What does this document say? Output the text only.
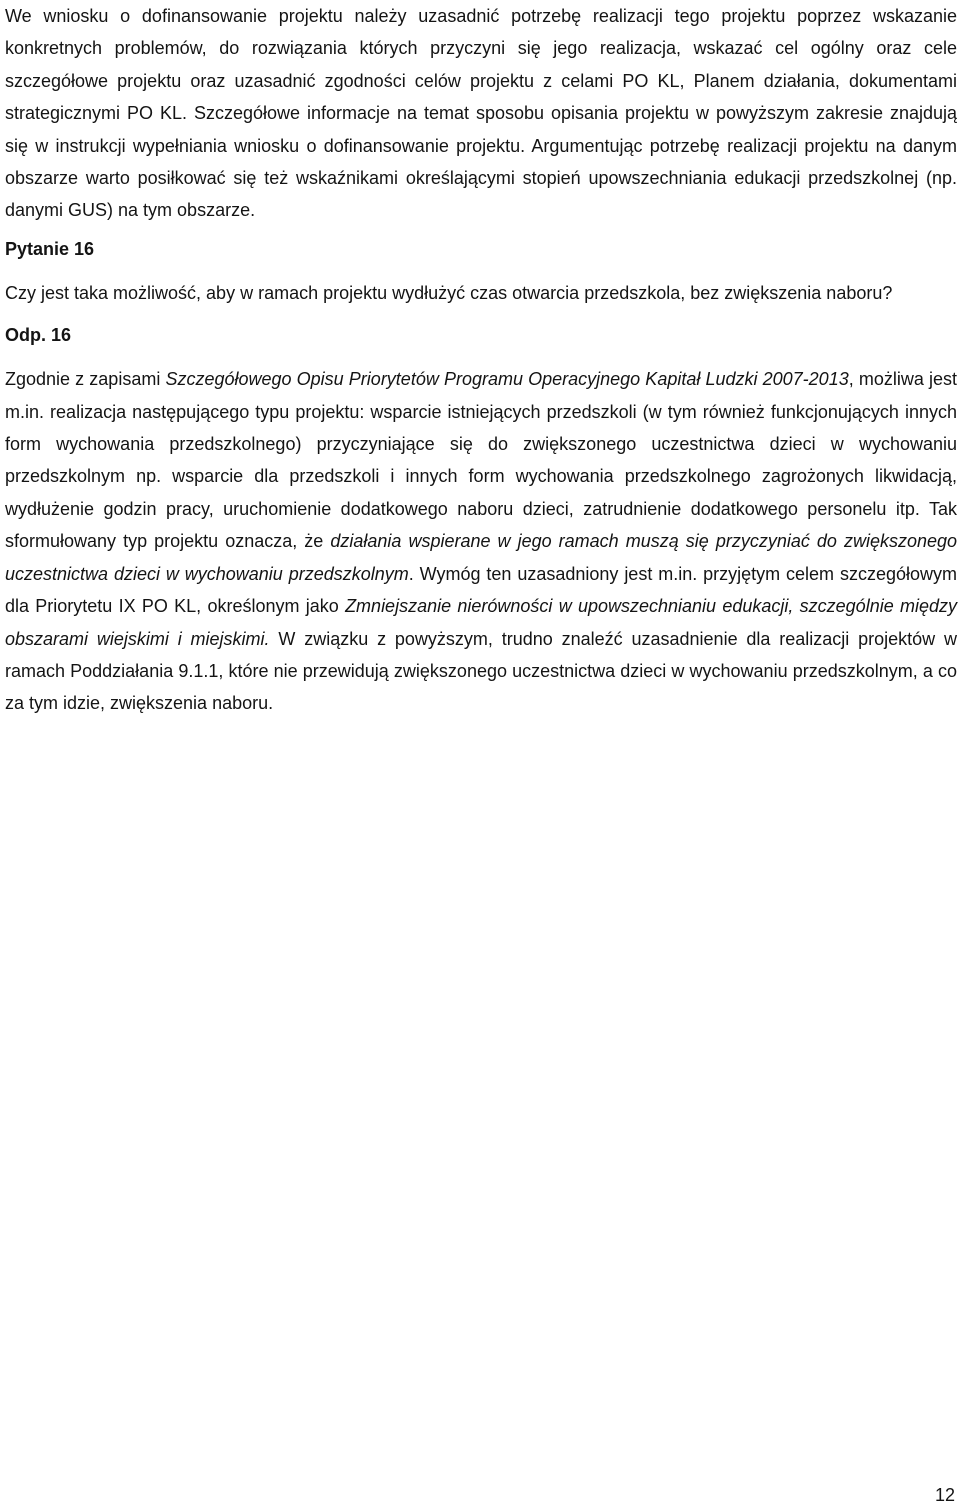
We wniosku o dofinansowanie projektu należy uzasadnić potrzebę realizacji tego projektu poprzez wskazanie konkretnych problemów, do rozwiązania których przyczyni się jego realizacja, wskazać cel ogólny oraz cele szczegółowe projektu oraz uzasadnić zgodności celów projektu z celami PO KL, Planem działania, dokumentami strategicznymi PO KL. Szczegółowe informacje na temat sposobu opisania projektu w powyższym zakresie znajdują się w instrukcji wypełniania wniosku o dofinansowanie projektu. Argumentując potrzebę realizacji projektu na danym obszarze warto posiłkować się też wskaźnikami określającymi stopień upowszechniania edukacji przedszkolnej (np. danymi GUS) na tym obszarze.

Pytanie 16

Czy jest taka możliwość, aby w ramach projektu wydłużyć czas otwarcia przedszkola, bez zwiększenia naboru?

Odp. 16

Zgodnie z zapisami Szczegółowego Opisu Priorytetów Programu Operacyjnego Kapitał Ludzki 2007-2013, możliwa jest m.in. realizacja następującego typu projektu: wsparcie istniejących przedszkoli (w tym również funkcjonujących innych form wychowania przedszkolnego) przyczyniające się do zwiększonego uczestnictwa dzieci w wychowaniu przedszkolnym np. wsparcie dla przedszkoli i innych form wychowania przedszkolnego zagrożonych likwidacją, wydłużenie godzin pracy, uruchomienie dodatkowego naboru dzieci, zatrudnienie dodatkowego personelu itp. Tak sformułowany typ projektu oznacza, że działania wspierane w jego ramach muszą się przyczyniać do zwiększonego uczestnictwa dzieci w wychowaniu przedszkolnym. Wymóg ten uzasadniony jest m.in. przyjętym celem szczegółowym dla Priorytetu IX PO KL, określonym jako Zmniejszanie nierówności w upowszechnianiu edukacji, szczególnie między obszarami wiejskimi i miejskimi. W związku z powyższym, trudno znaleźć uzasadnienie dla realizacji projektów w ramach Poddziałania 9.1.1, które nie przewidują zwiększonego uczestnictwa dzieci w wychowaniu przedszkolnym, a co za tym idzie, zwiększenia naboru.

12
